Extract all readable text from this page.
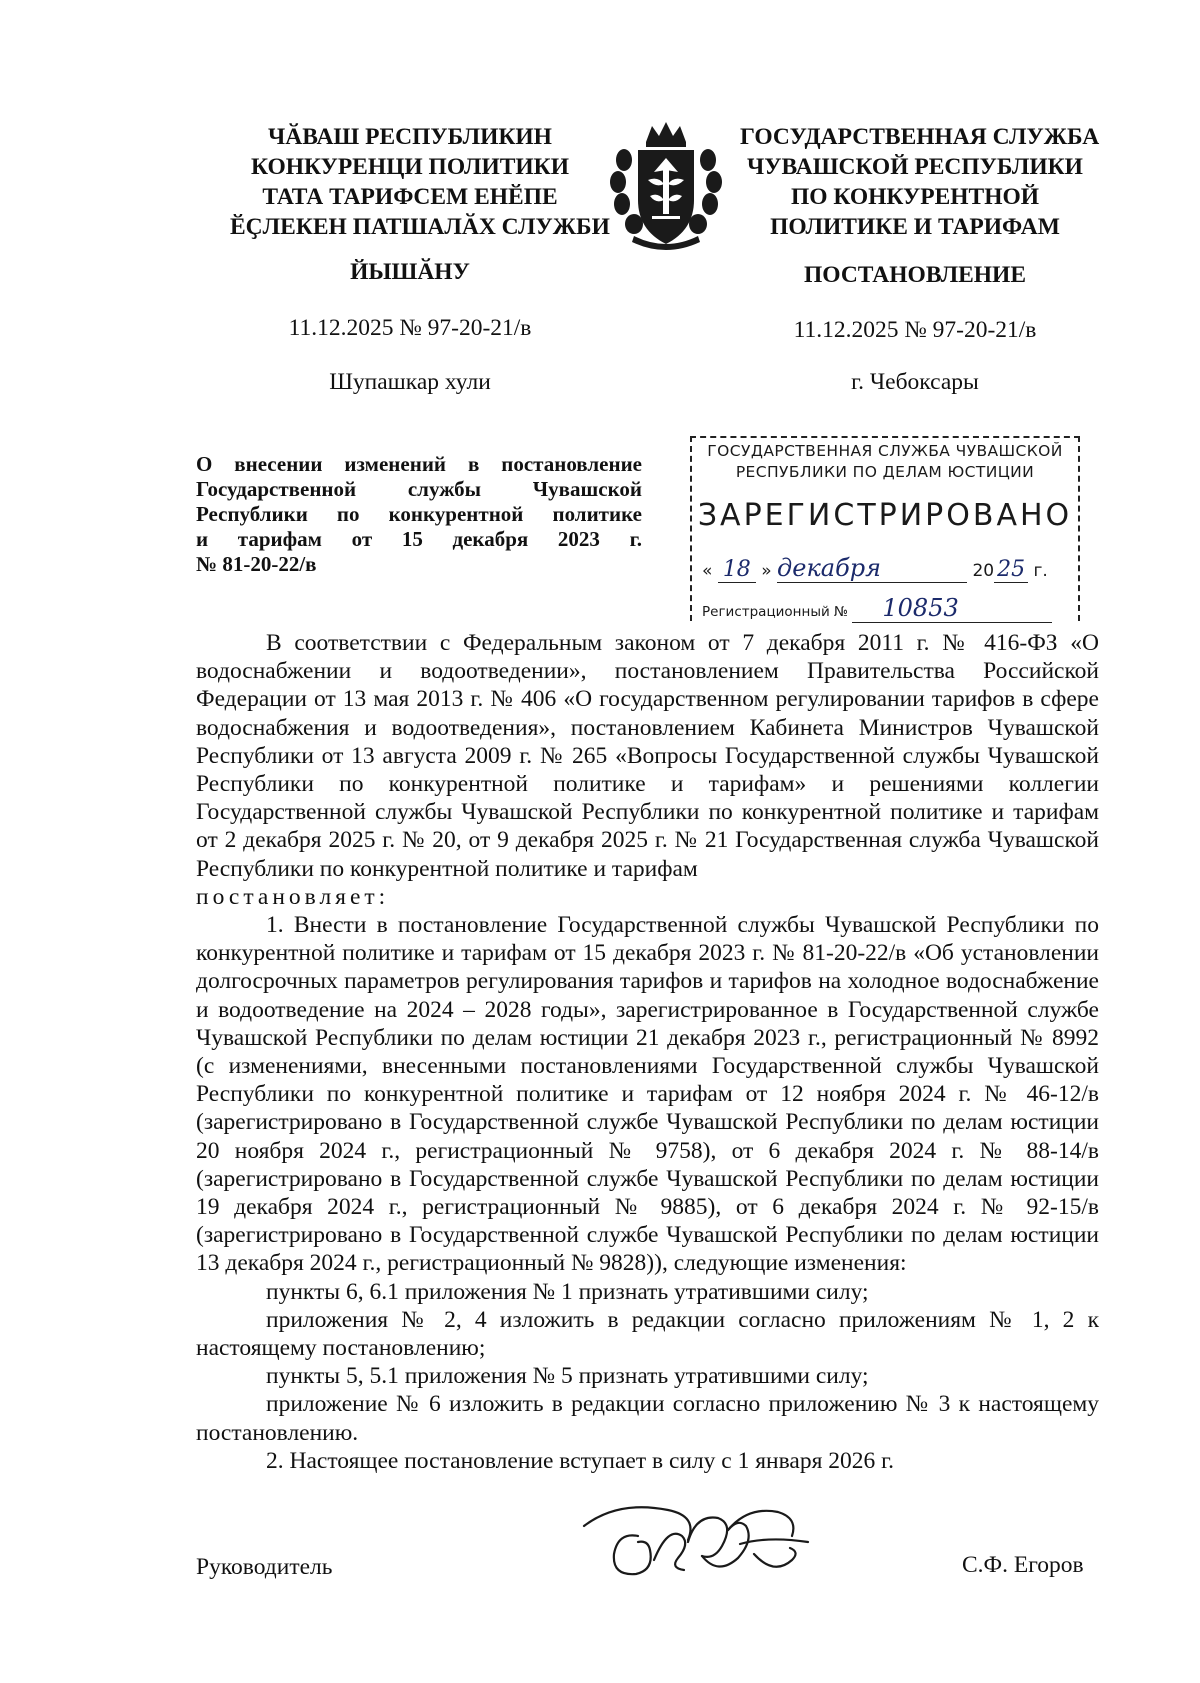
ЧӐВАШ РЕСПУБЛИКИН
КОНКУРЕНЦИ ПОЛИТИКИ
ТАТА ТАРИФСЕМ ЕНӖПЕ
ӖҪЛЕКЕН ПАТШАЛӐХ СЛУЖБИ
ЙЫШӐНУ
11.12.2025 № 97-20-21/в
Шупашкар хули
ГОСУДАРСТВЕННАЯ СЛУЖБА
ЧУВАШСКОЙ РЕСПУБЛИКИ
ПО КОНКУРЕНТНОЙ
ПОЛИТИКЕ И ТАРИФАМ
ПОСТАНОВЛЕНИЕ
11.12.2025 № 97-20-21/в
г. Чебоксары
О внесении изменений в постановление
Государственной службы Чувашской
Республики по конкурентной политике
и тарифам от 15 декабря 2023 г.
№ 81-20-22/в
ГОСУДАРСТВЕННАЯ СЛУЖБА ЧУВАШСКОЙ
РЕСПУБЛИКИ ПО ДЕЛАМ ЮСТИЦИИ
ЗАРЕГИСТРИРОВАНО
« 18 » декабря	20 25 г.
Регистрационный № 10853

В соответствии с Федеральным законом от 7 декабря 2011 г. № 416-ФЗ «О водоснабжении и водоотведении», постановлением Правительства Российской Федерации от 13 мая 2013 г. № 406 «О государственном регулировании тарифов в сфере водоснабжения и водоотведения», постановлением Кабинета Министров Чувашской Республики от 13 августа 2009 г. № 265 «Вопросы Государственной службы Чувашской Республики по конкурентной политике и тарифам» и решениями коллегии Государственной службы Чувашской Республики по конкурентной политике и тарифам от 2 декабря 2025 г. № 20, от 9 декабря 2025 г. № 21 Государственная служба Чувашской Республики по конкурентной политике и тарифам

постановляет:

1. Внести в постановление Государственной службы Чувашской Республики по конкурентной политике и тарифам от 15 декабря 2023 г. № 81-20-22/в «Об установлении долгосрочных параметров регулирования тарифов и тарифов на холодное водоснабжение и водоотведение на 2024 – 2028 годы», зарегистрированное в Государственной службе Чувашской Республики по делам юстиции 21 декабря 2023 г., регистрационный № 8992 (с изменениями, внесенными постановлениями Государственной службы Чувашской Республики по конкурентной политике и тарифам от 12 ноября 2024 г. № 46-12/в (зарегистрировано в Государственной службе Чувашской Республики по делам юстиции 20 ноября 2024 г., регистрационный № 9758), от 6 декабря 2024 г. № 88-14/в (зарегистрировано в Государственной службе Чувашской Республики по делам юстиции 19 декабря 2024 г., регистрационный № 9885), от 6 декабря 2024 г. № 92-15/в (зарегистрировано в Государственной службе Чувашской Республики по делам юстиции 13 декабря 2024 г., регистрационный № 9828)), следующие изменения:

пункты 6, 6.1 приложения № 1 признать утратившими силу;

приложения № 2, 4 изложить в редакции согласно приложениям № 1, 2 к настоящему постановлению;

пункты 5, 5.1 приложения № 5 признать утратившими силу;

приложение № 6 изложить в редакции согласно приложению № 3 к настоящему постановлению.

2. Настоящее постановление вступает в силу с 1 января 2026 г.

Руководитель	С.Ф. Егоров
